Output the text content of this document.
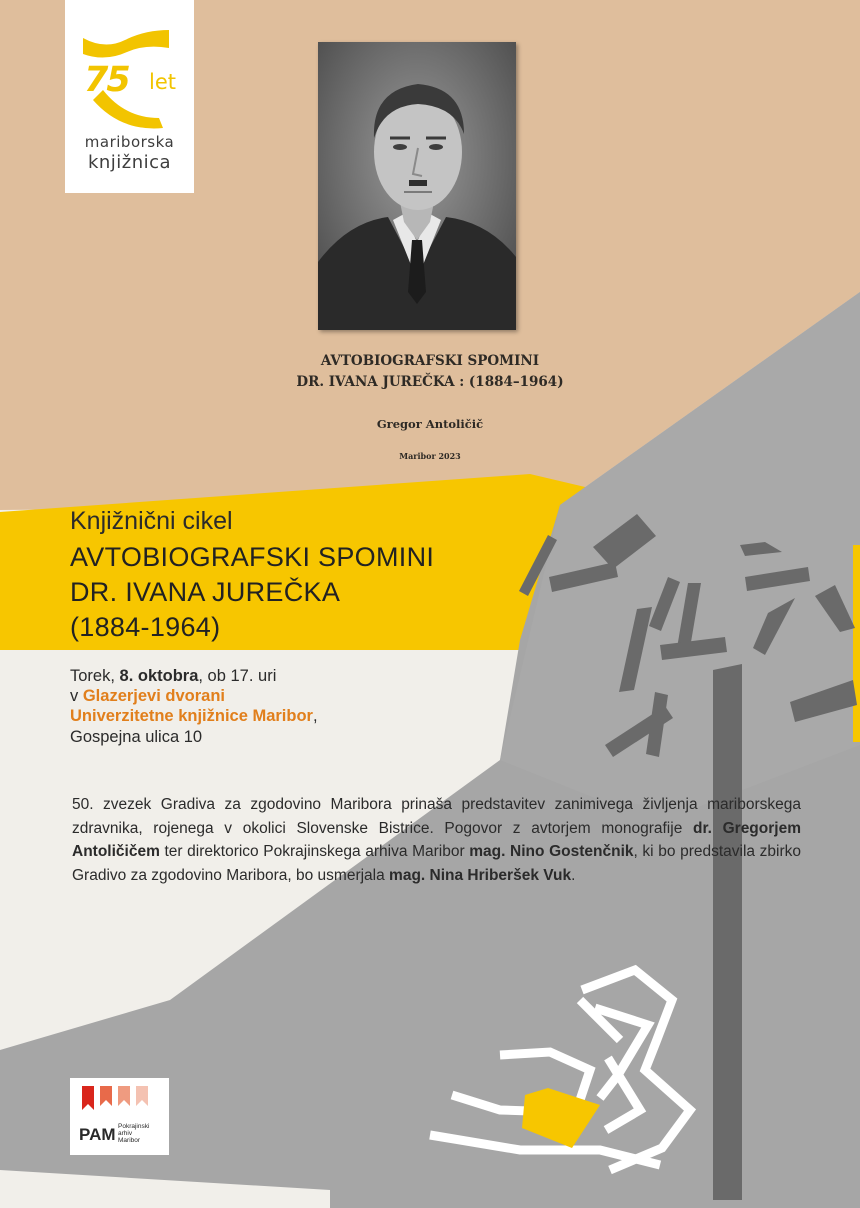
75 let
mariborska
knjižnica
AVTOBIOGRAFSKI SPOMINI
DR. IVANA JUREČKA : (1884–1964)
Gregor Antoličič
Maribor 2023
Knjižnični cikel
AVTOBIOGRAFSKI SPOMINI
DR. IVANA JUREČKA
(1884-1964)
Torek, 8. oktobra, ob 17. uri
v Glazerjevi dvorani
Univerzitetne knjižnice Maribor,
Gospejna ulica 10
50. zvezek Gradiva za zgodovino Maribora prinaša predstavitev zanimivega življenja mariborskega zdravnika, rojenega v okolici Slovenske Bistrice. Pogovor z avtorjem monografije dr. Gregorjem Antoličičem ter direktorico Pokrajinskega arhiva Maribor mag. Nino Gostenčnik, ki bo predstavila zbirko Gradivo za zgodovino Maribora, bo usmerjala mag. Nina Hriberšek Vuk.
PAM Pokrajinski
arhiv
Maribor
